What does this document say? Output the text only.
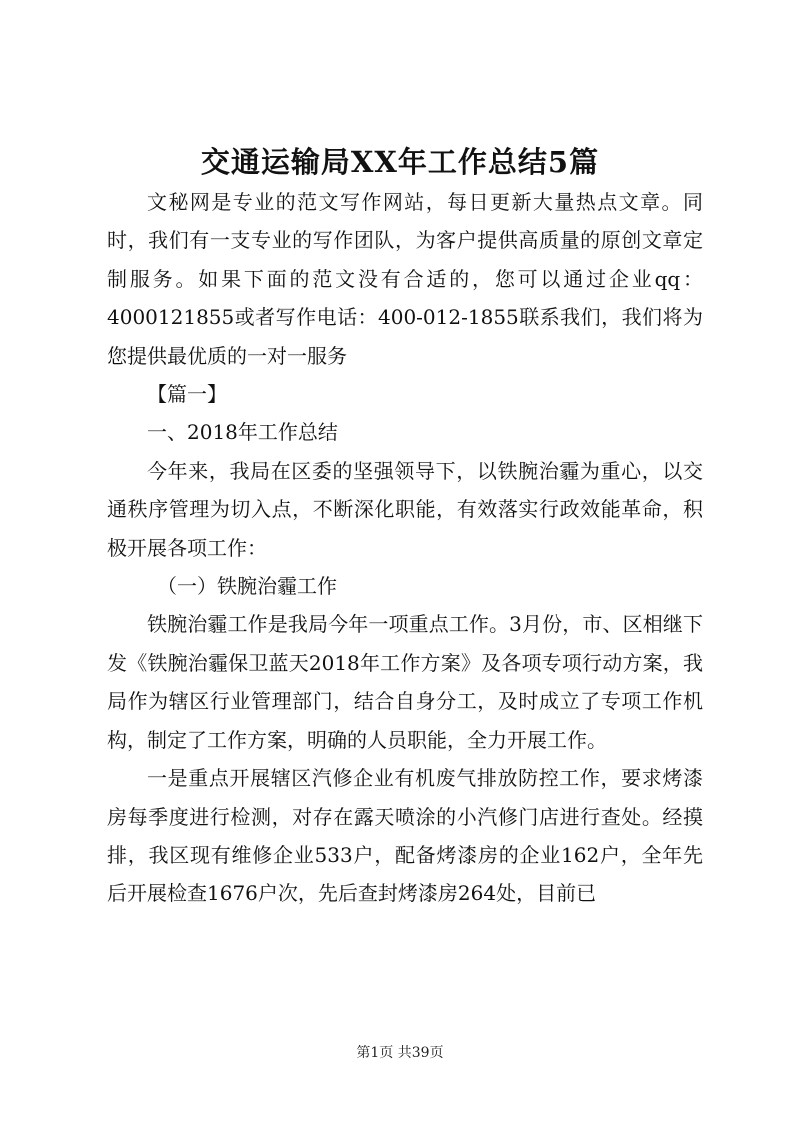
交通运输局XX年工作总结5篇

文秘网是专业的范文写作网站，每日更新大量热点文章。同时，我们有一支专业的写作团队，为客户提供高质量的原创文章定制服务。如果下面的范文没有合适的，您可以通过企业qq：4000121855或者写作电话：400-012-1855联系我们，我们将为您提供最优质的一对一服务

【篇一】

一、2018年工作总结

今年来，我局在区委的坚强领导下，以铁腕治霾为重心，以交通秩序管理为切入点，不断深化职能，有效落实行政效能革命，积极开展各项工作：

（一）铁腕治霾工作

铁腕治霾工作是我局今年一项重点工作。3月份，市、区相继下发《铁腕治霾保卫蓝天2018年工作方案》及各项专项行动方案，我局作为辖区行业管理部门，结合自身分工，及时成立了专项工作机构，制定了工作方案，明确的人员职能，全力开展工作。

一是重点开展辖区汽修企业有机废气排放防控工作，要求烤漆房每季度进行检测，对存在露天喷涂的小汽修门店进行查处。经摸排，我区现有维修企业533户，配备烤漆房的企业162户，全年先后开展检查1676户次，先后查封烤漆房264处，目前已

第1页 共39页
